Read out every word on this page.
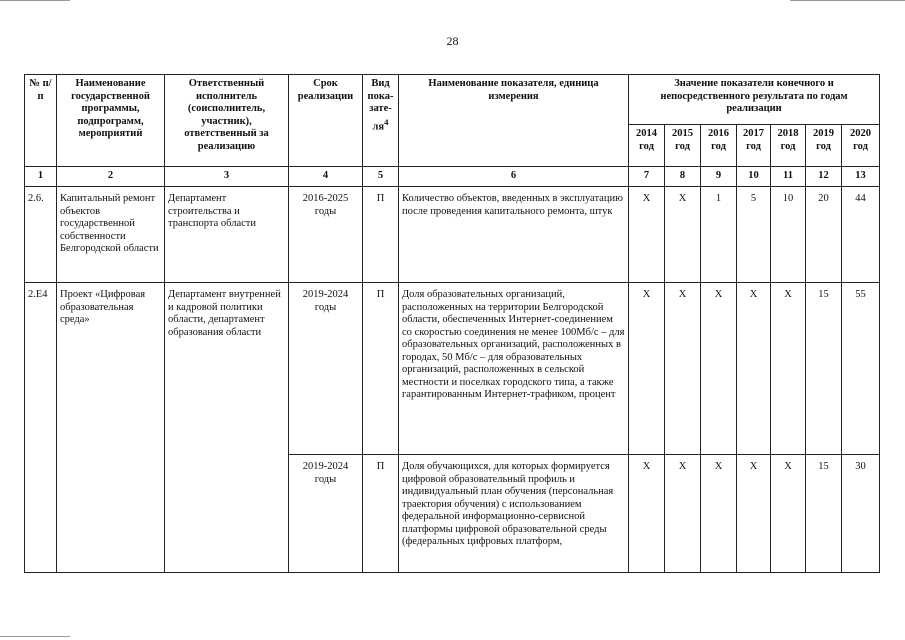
28
№ п/п	Наименование государственной программы, подпрограмм, мероприятий	Ответственный исполнитель (соисполнитель, участник), ответственный за реализацию	Срок реализации	Вид пока-$зате-ля^4$	Наименование показателя, единица измерения	Значение показатели конечного и непосредственного результата по годам реализации						
						2014 год	2015 год	2016 год	2017 год	2018 год	2019 год	2020 год
1	2	3	4	5	6	7	8	9	10	11	12	13
2.6.	Капитальный ремонт объектов государственной собственности Белгородской области	Департамент строительства и транспорта области	2016-2025 годы	П	Количество объектов, введенных в эксплуатацию после проведения капитального ремонта, штук	Х	Х	1	5	10	20	44
2.Е4	Проект «Цифровая образовательная среда»	Департамент внутренней и кадровой политики области, департамент образования области	2019-2024 годы	П	Доля образовательных организаций, расположенных на территории Белгородской области, обеспеченных Интернет-соединением со скоростью соединения не менее 100Мб/с – для образовательных организаций, расположенных в городах, 50 Мб/с – для образовательных организаций, расположенных в сельской местности и поселках городского типа, а также гарантированным Интернет-трафиком, процент	Х	Х	Х	Х	Х	15	55
			2019-2024 годы	П	Доля обучающихся, для которых формируется цифровой образовательный профиль и индивидуальный план обучения (персональная траектория обучения) с использованием федеральной информационно-сервисной платформы цифровой образовательной среды (федеральных цифровых платформ,	Х	Х	Х	Х	Х	15	30
